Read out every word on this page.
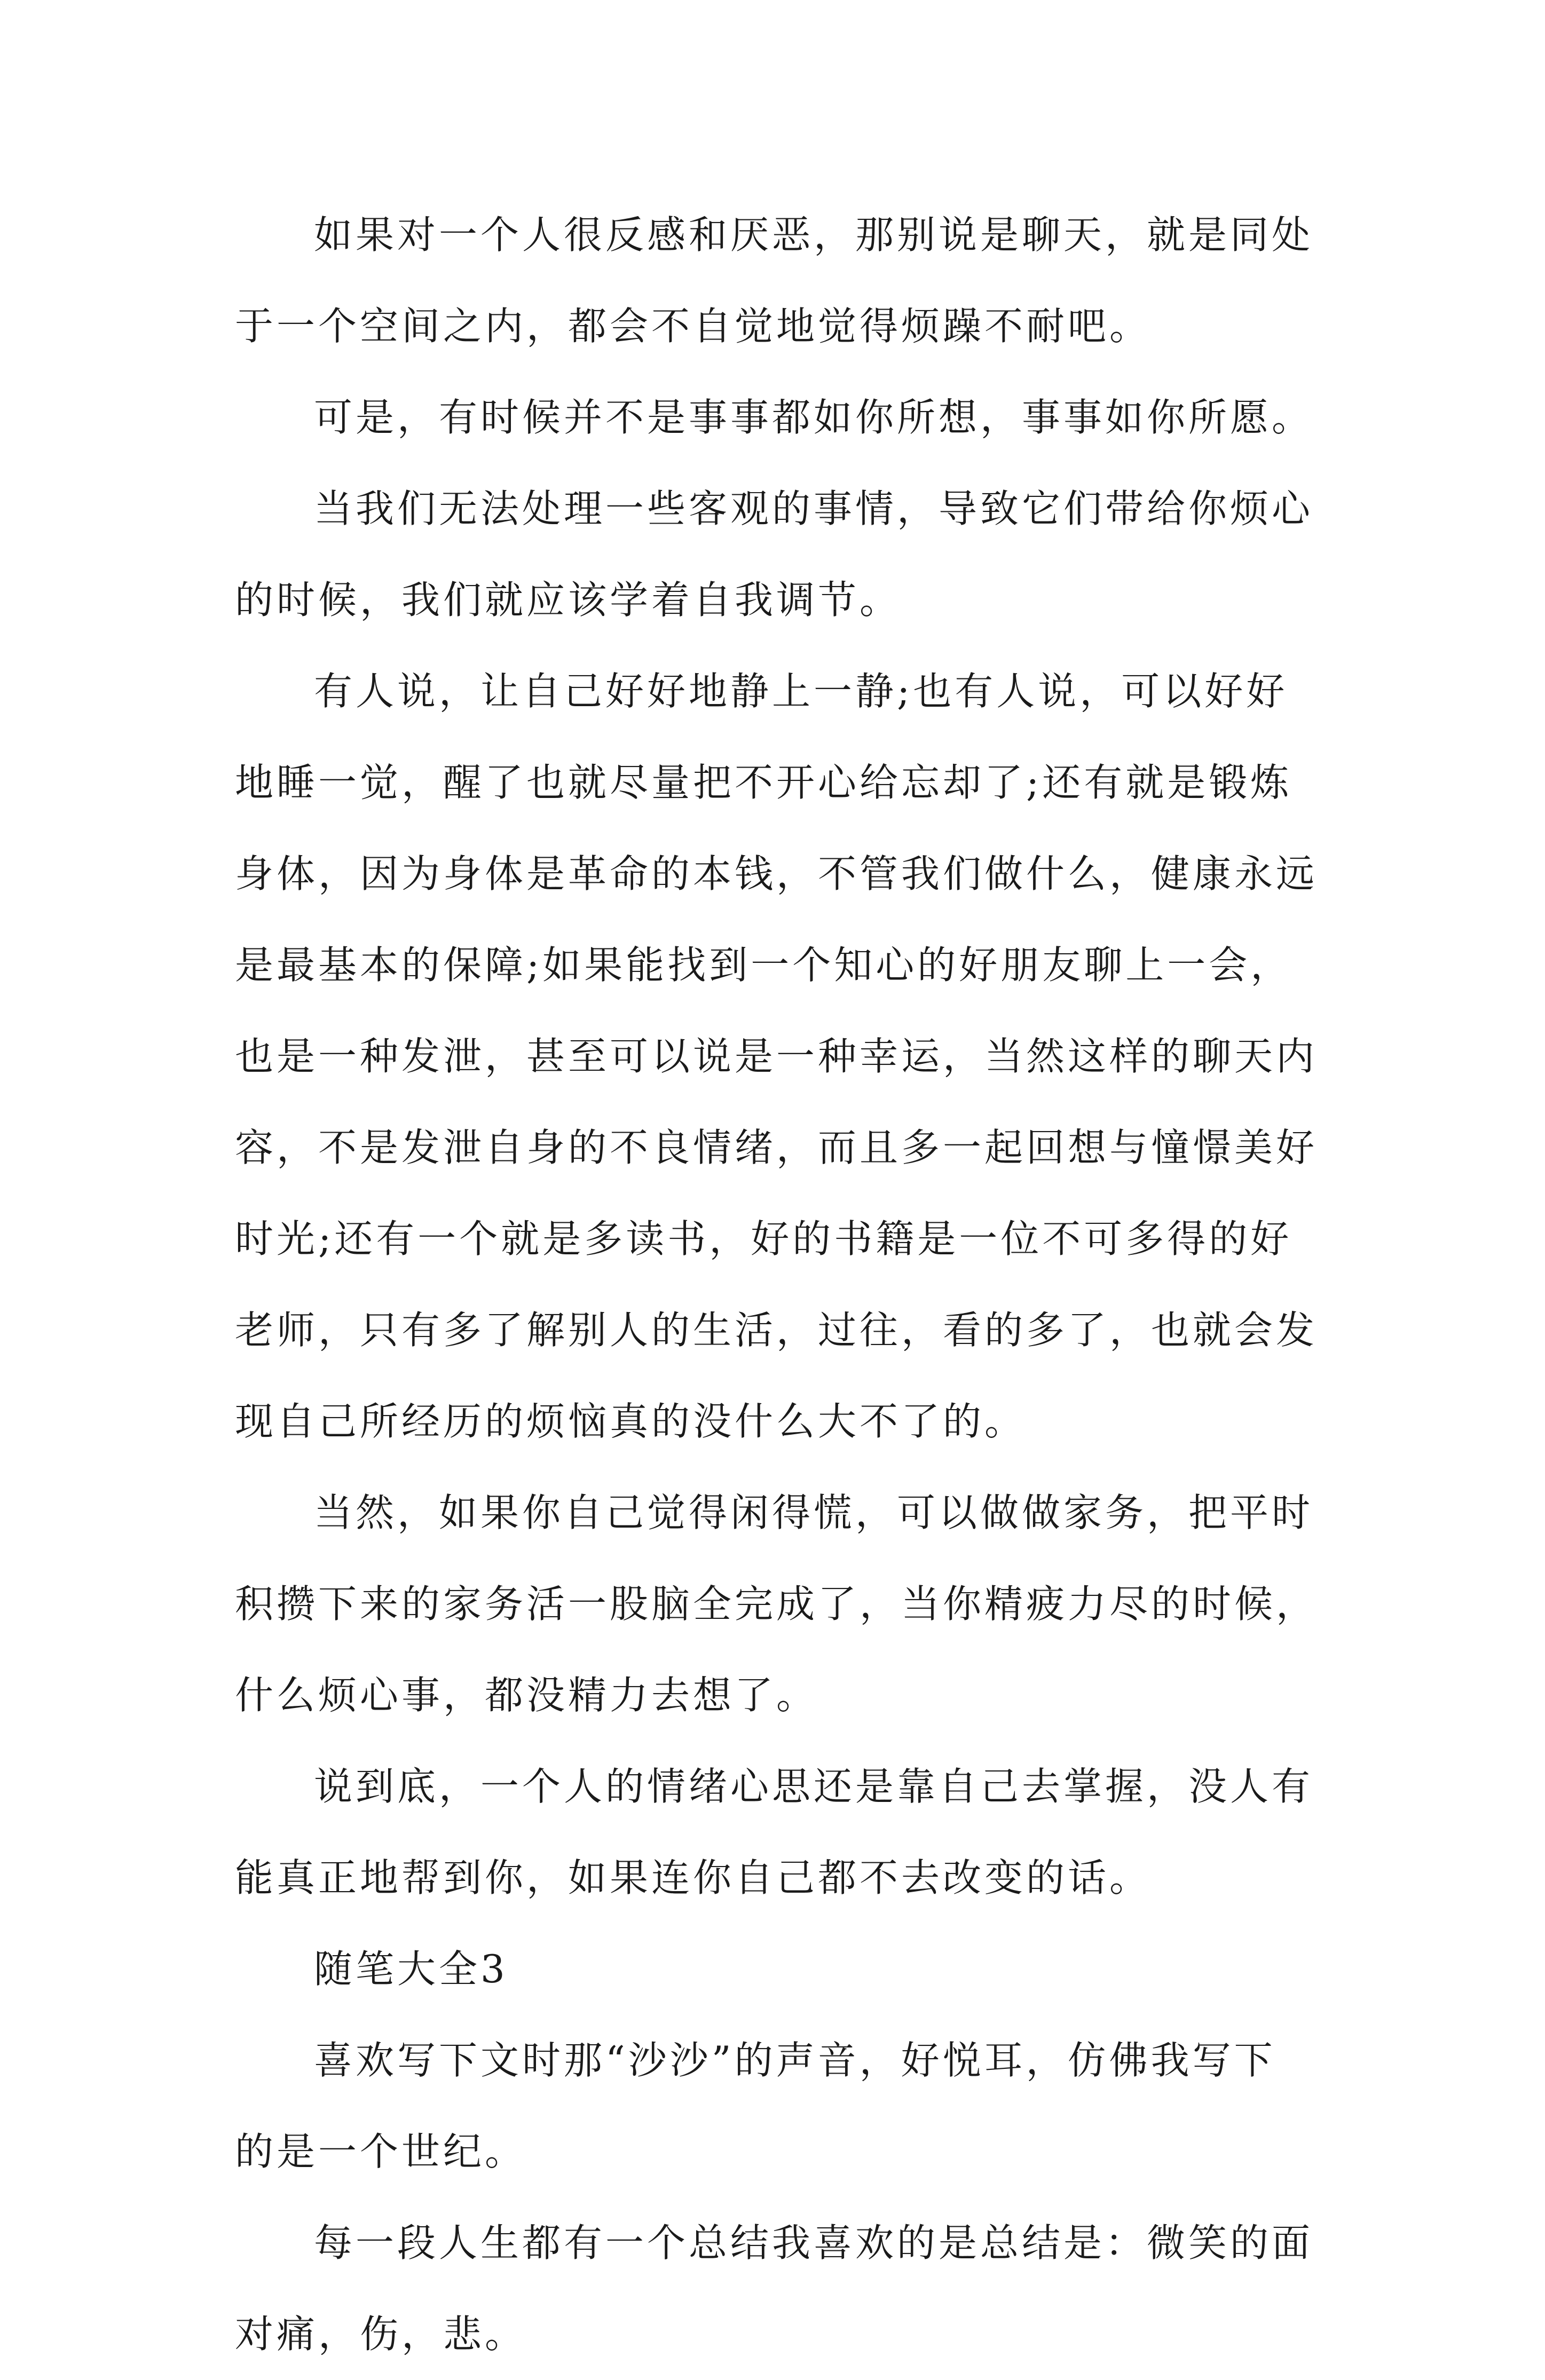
如果对一个人很反感和厌恶，那别说是聊天，就是同处
于一个空间之内，都会不自觉地觉得烦躁不耐吧。
可是，有时候并不是事事都如你所想，事事如你所愿。
当我们无法处理一些客观的事情，导致它们带给你烦心
的时候，我们就应该学着自我调节。
有人说，让自己好好地静上一静;也有人说，可以好好
地睡一觉，醒了也就尽量把不开心给忘却了;还有就是锻炼
身体，因为身体是革命的本钱，不管我们做什么，健康永远
是最基本的保障;如果能找到一个知心的好朋友聊上一会，
也是一种发泄，甚至可以说是一种幸运，当然这样的聊天内
容，不是发泄自身的不良情绪，而且多一起回想与憧憬美好
时光;还有一个就是多读书，好的书籍是一位不可多得的好
老师，只有多了解别人的生活，过往，看的多了，也就会发
现自己所经历的烦恼真的没什么大不了的。
当然，如果你自己觉得闲得慌，可以做做家务，把平时
积攒下来的家务活一股脑全完成了，当你精疲力尽的时候，
什么烦心事，都没精力去想了。
说到底，一个人的情绪心思还是靠自己去掌握，没人有
能真正地帮到你，如果连你自己都不去改变的话。
随笔大全3
喜欢写下文时那“沙沙”的声音，好悦耳，仿佛我写下
的是一个世纪。
每一段人生都有一个总结我喜欢的是总结是：微笑的面
对痛，伤，悲。
